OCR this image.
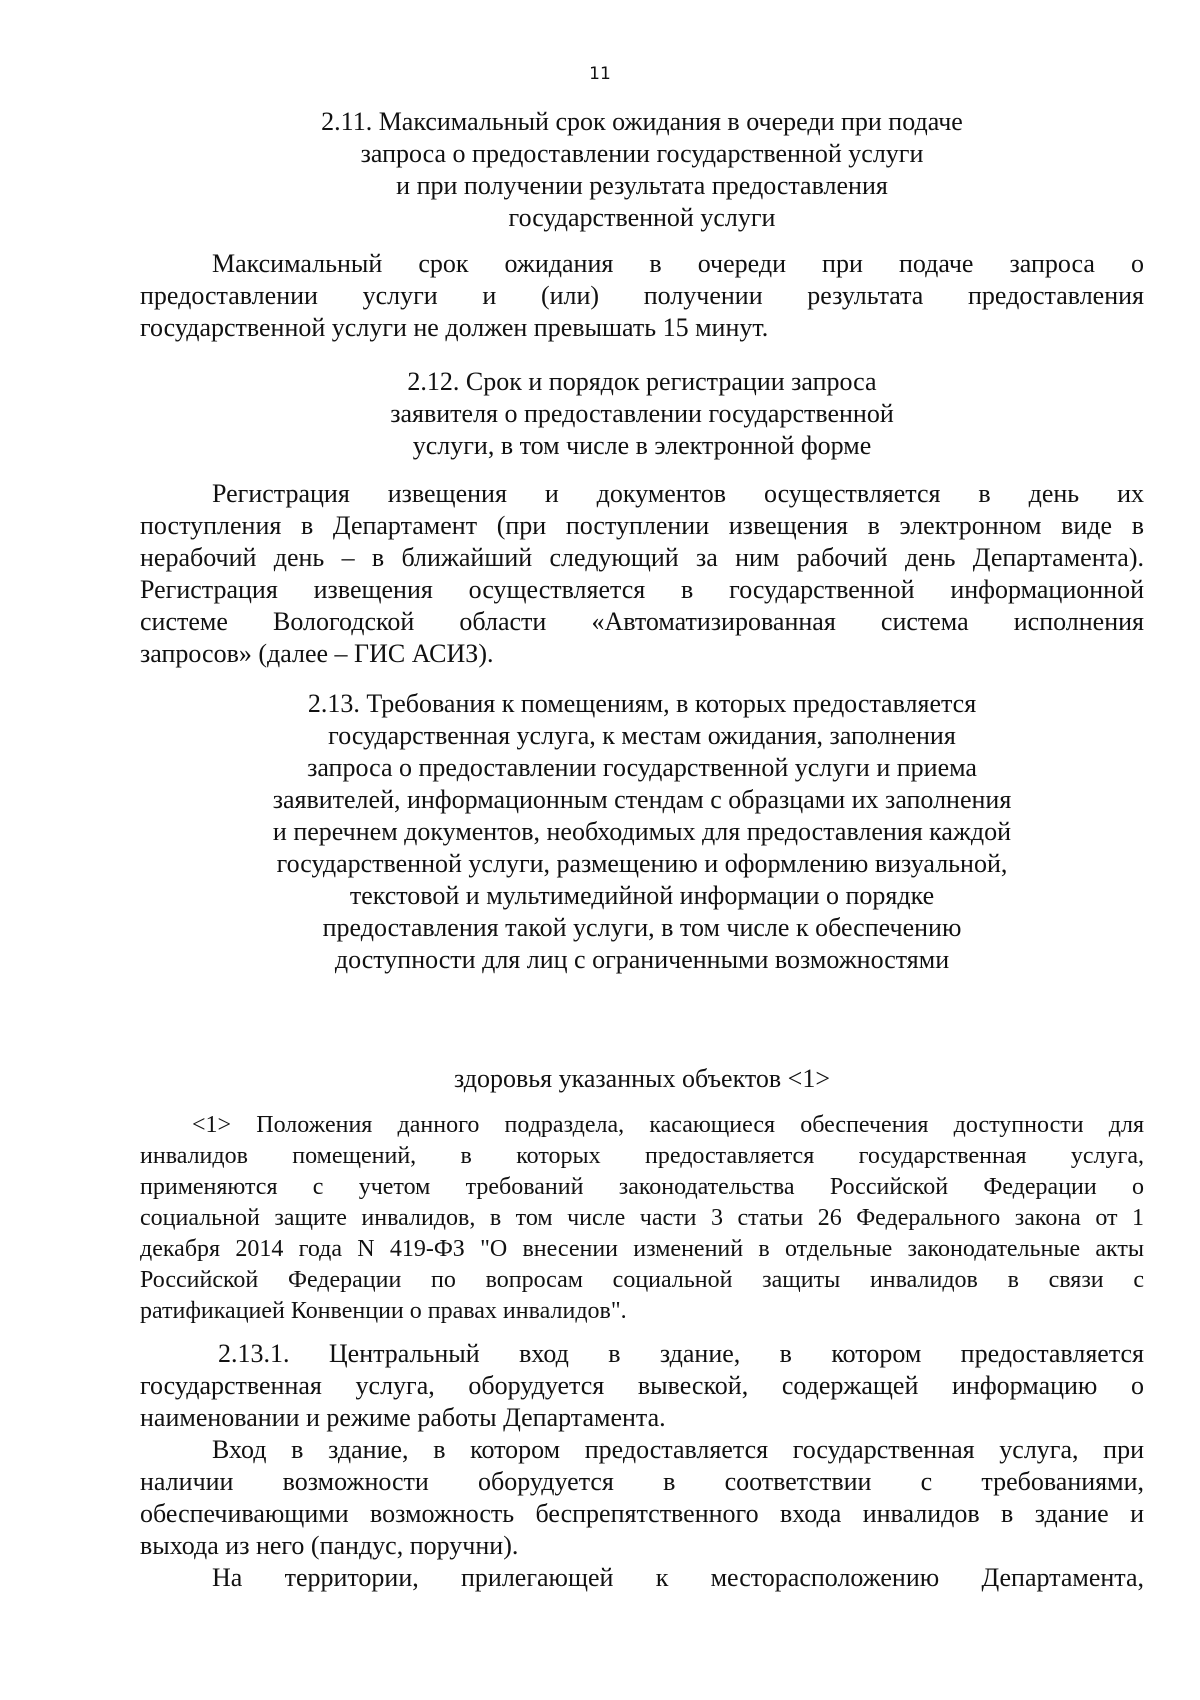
11
2.11. Максимальный срок ожидания в очереди при подаче
запроса о предоставлении государственной услуги
и при получении результата предоставления
государственной услуги
Максимальный срок ожидания в очереди при подаче запроса о
предоставлении услуги и (или) получении результата предоставления
государственной услуги не должен превышать 15 минут.
2.12. Срок и порядок регистрации запроса
заявителя о предоставлении государственной
услуги, в том числе в электронной форме
Регистрация извещения и документов осуществляется в день их
поступления в Департамент (при поступлении извещения в электронном виде в
нерабочий день – в ближайший следующий за ним рабочий день Департамента).
Регистрация извещения осуществляется в государственной информационной
системе Вологодской области «Автоматизированная система исполнения
запросов» (далее – ГИС АСИЗ).
2.13. Требования к помещениям, в которых предоставляется
государственная услуга, к местам ожидания, заполнения
запроса о предоставлении государственной услуги и приема
заявителей, информационным стендам с образцами их заполнения
и перечнем документов, необходимых для предоставления каждой
государственной услуги, размещению и оформлению визуальной,
текстовой и мультимедийной информации о порядке
предоставления такой услуги, в том числе к обеспечению
доступности для лиц с ограниченными возможностями
здоровья указанных объектов <1>
<1> Положения данного подраздела, касающиеся обеспечения доступности для
инвалидов помещений, в которых предоставляется государственная услуга,
применяются с учетом требований законодательства Российской Федерации о
социальной защите инвалидов, в том числе части 3 статьи 26 Федерального закона от 1
декабря 2014 года N 419-ФЗ "О внесении изменений в отдельные законодательные акты
Российской Федерации по вопросам социальной защиты инвалидов в связи с
ратификацией Конвенции о правах инвалидов".
2.13.1. Центральный вход в здание, в котором предоставляется
государственная услуга, оборудуется вывеской, содержащей информацию о
наименовании и режиме работы Департамента.
Вход в здание, в котором предоставляется государственная услуга, при
наличии возможности оборудуется в соответствии с требованиями,
обеспечивающими возможность беспрепятственного входа инвалидов в здание и
выхода из него (пандус, поручни).
На территории, прилегающей к месторасположению Департамента,
